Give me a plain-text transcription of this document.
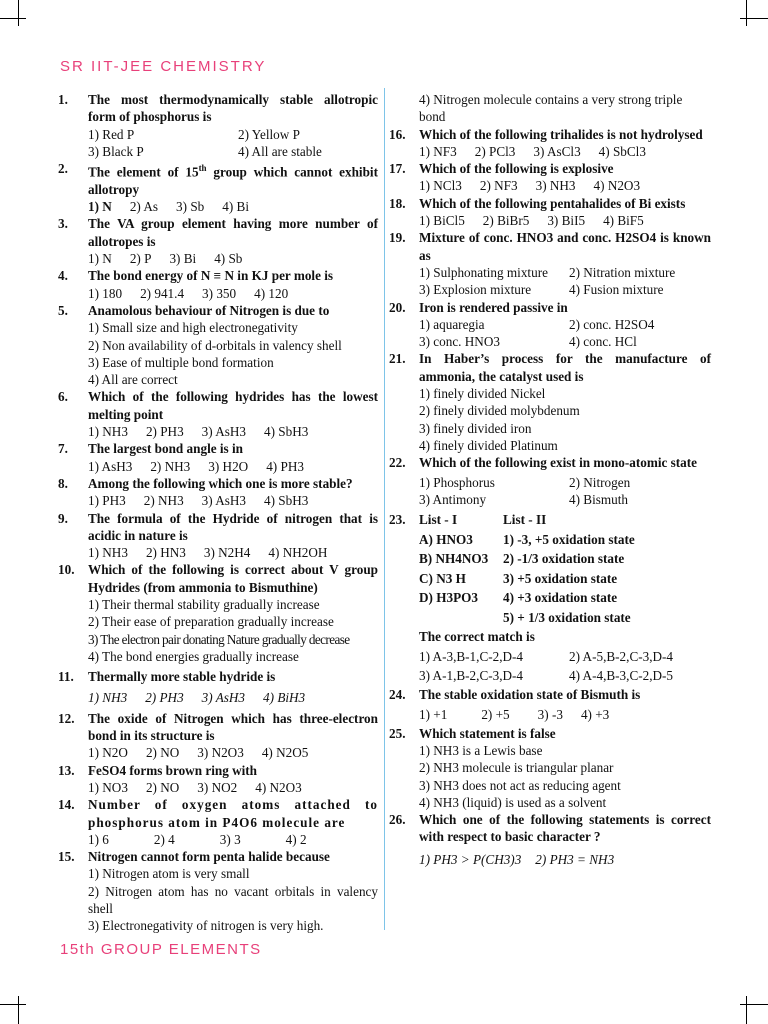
SR IIT-JEE CHEMISTRY
1.	The most thermodynamically stable allotropic form of phosphorus is
1) Red P	2) Yellow P
3) Black P	4) All are stable
2.	The element of 15th group which cannot exhibit allotropy
1) N 2) As 3) Sb 4) Bi
3.	The VA group element having more number of allotropes is
1) N 2) P 3) Bi 4) Sb
4.	The bond energy of N ≡ N in KJ per mole is
1) 180 2) 941.4 3) 350 4) 120
5.	Anamolous behaviour of Nitrogen is due to
1) Small size and high electronegativity
2) Non availability of d-orbitals in valency shell
3) Ease of multiple bond formation
4) All are correct
6.	Which of the following hydrides has the lowest melting point
1) NH3 2) PH3 3) AsH3 4) SbH3
7.	The largest bond angle is in
1) AsH3 2) NH3 3) H2O 4) PH3
8.	Among the following which one is more stable?
1) PH3 2) NH3 3) AsH3 4) SbH3
9.	The formula of the Hydride of nitrogen that is acidic in nature is
1) NH3 2) HN3 3) N2H4 4) NH2OH
10.	Which of the following is correct about V group Hydrides (from ammonia to Bismuthine)
1) Their thermal stability gradually increase
2) Their ease of preparation gradually increase
3) The electron pair donating Nature gradually decrease
4) The bond energies gradually increase
11.	Thermally more stable hydride is
1) NH3 2) PH3 3) AsH3 4) BiH3
12.	The oxide of Nitrogen which has three-electron bond in its structure is
1) N2O 2) NO 3) N2O3 4) N2O5
13.	FeSO4 forms brown ring with
1) NO3 2) NO 3) NO2 4) N2O3
14.	Number of oxygen atoms attached to phosphorus atom in P4O6 molecule are
1) 6	2) 4	3) 3	4) 2
15.	Nitrogen cannot form penta halide because
1) Nitrogen atom is very small
2) Nitrogen atom has no vacant orbitals in valency shell
3) Electronegativity of nitrogen is very high.
4) Nitrogen molecule contains a very strong triple bond
16.	Which of the following trihalides is not hydrolysed
1) NF3 2) PCl3 3) AsCl3 4) SbCl3
17.	Which of the following is explosive
1) NCl3 2) NF3 3) NH3 4) N2O3
18.	Which of the following pentahalides of Bi exists
1) BiCl5 2) BiBr5 3) BiI5 4) BiF5
19.	Mixture of conc. HNO3 and conc. H2SO4 is known as
1) Sulphonating mixture	2) Nitration mixture
3) Explosion mixture	4) Fusion mixture
20.	Iron is rendered passive in
1) aquaregia	2) conc. H2SO4
3) conc. HNO3	4) conc. HCl
21.	In Haber’s process for the manufacture of ammonia, the catalyst used is
1) finely divided Nickel
2) finely divided molybdenum
3) finely divided iron
4) finely divided Platinum
22.	Which of the following exist in mono-atomic state
1) Phosphorus	2) Nitrogen
3) Antimony	4) Bismuth
23.	List - I	List - II
A) HNO3	1) -3, +5 oxidation state
B) NH4NO3	2) -1/3 oxidation state
C) N3 H	3) +5 oxidation state
D) H3PO3	4) +3 oxidation state
5) + 1/3 oxidation state
The correct match is
1) A-3,B-1,C-2,D-4	2) A-5,B-2,C-3,D-4
3) A-1,B-2,C-3,D-4	4) A-4,B-3,C-2,D-5
24.	The stable oxidation state of Bismuth is
1) +1	2) +5 3) -3 4) +3
25.	Which statement is false
1) NH3 is a Lewis base
2) NH3 molecule is triangular planar
3) NH3 does not act as reducing agent
4) NH3 (liquid) is used as a solvent
26.	Which one of the following statements is correct with respect to basic character ?
1) PH3 > P(CH3)3 2) PH3 = NH3
15th GROUP ELEMENTS
